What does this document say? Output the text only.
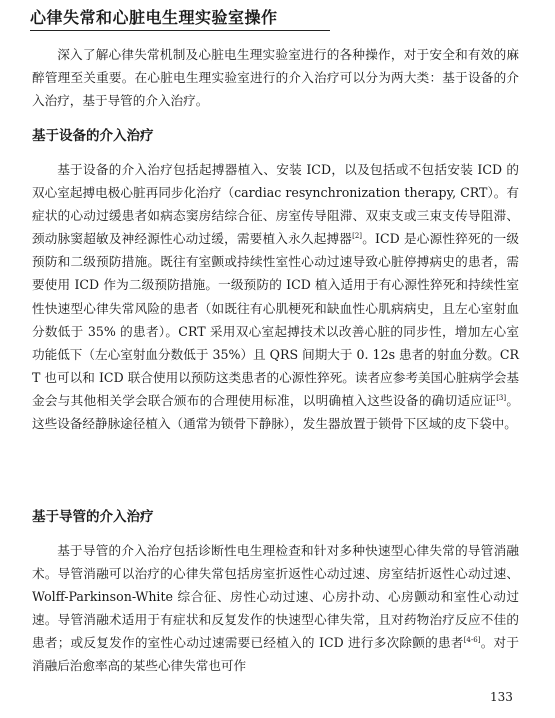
心律失常和心脏电生理实验室操作

深入了解心律失常机制及心脏电生理实验室进行的各种操作，对于安全和有效的麻醉管理至关重要。在心脏电生理实验室进行的介入治疗可以分为两大类：基于设备的介入治疗，基于导管的介入治疗。

基于设备的介入治疗

基于设备的介入治疗包括起搏器植入、安装 ICD，以及包括或不包括安装 ICD 的双心室起搏电极心脏再同步化治疗（cardiac resynchronization therapy, CRT）。有症状的心动过缓患者如病态窦房结综合征、房室传导阻滞、双束支或三束支传导阻滞、颈动脉窦超敏及神经源性心动过缓，需要植入永久起搏器[2]。ICD 是心源性猝死的一级预防和二级预防措施。既往有室颤或持续性室性心动过速导致心脏停搏病史的患者，需要使用 ICD 作为二级预防措施。一级预防的 ICD 植入适用于有心源性猝死和持续性室性快速型心律失常风险的患者（如既往有心肌梗死和缺血性心肌病病史，且左心室射血分数低于 35% 的患者）。CRT 采用双心室起搏技术以改善心脏的同步性，增加左心室功能低下（左心室射血分数低于 35%）且 QRS 间期大于 0. 12s 患者的射血分数。CRT 也可以和 ICD 联合使用以预防这类患者的心源性猝死。读者应参考美国心脏病学会基金会与其他相关学会联合颁布的合理使用标准，以明确植入这些设备的确切适应证[3]。这些设备经静脉途径植入（通常为锁骨下静脉），发生器放置于锁骨下区域的皮下袋中。

基于导管的介入治疗

基于导管的介入治疗包括诊断性电生理检查和针对多种快速型心律失常的导管消融术。导管消融可以治疗的心律失常包括房室折返性心动过速、房室结折返性心动过速、Wolff-Parkinson-White 综合征、房性心动过速、心房扑动、心房颤动和室性心动过速。导管消融术适用于有症状和反复发作的快速型心律失常，且对药物治疗反应不佳的患者；或反复发作的室性心动过速需要已经植入的 ICD 进行多次除颤的患者[4-6]。对于消融后治愈率高的某些心律失常也可作

133
